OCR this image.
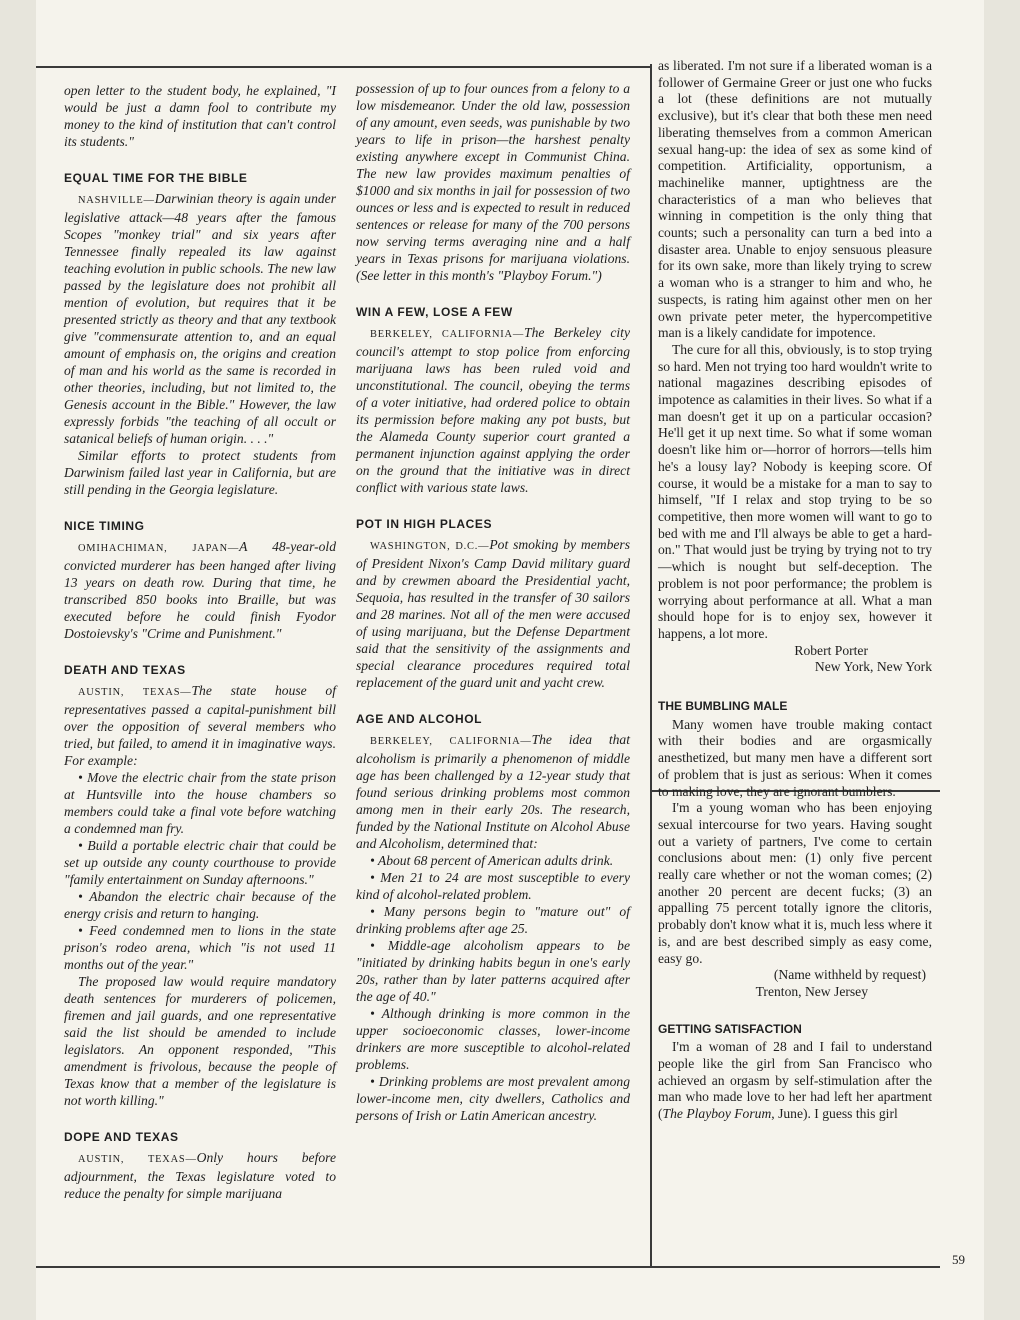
open letter to the student body, he explained, "I would be just a damn fool to contribute my money to the kind of institution that can't control its students."

EQUAL TIME FOR THE BIBLE

NASHVILLE—Darwinian theory is again under legislative attack—48 years after the famous Scopes "monkey trial" and six years after Tennessee finally repealed its law against teaching evolution in public schools. The new law passed by the legislature does not prohibit all mention of evolution, but requires that it be presented strictly as theory and that any textbook give "commensurate attention to, and an equal amount of emphasis on, the origins and creation of man and his world as the same is recorded in other theories, including, but not limited to, the Genesis account in the Bible." However, the law expressly forbids "the teaching of all occult or satanical beliefs of human origin. . . ."

Similar efforts to protect students from Darwinism failed last year in California, but are still pending in the Georgia legislature.

NICE TIMING

OMIHACHIMAN, JAPAN—A 48-year-old convicted murderer has been hanged after living 13 years on death row. During that time, he transcribed 850 books into Braille, but was executed before he could finish Fyodor Dostoievsky's "Crime and Punishment."

DEATH AND TEXAS

AUSTIN, TEXAS—The state house of representatives passed a capital-punishment bill over the opposition of several members who tried, but failed, to amend it in imaginative ways. For example:

• Move the electric chair from the state prison at Huntsville into the house chambers so members could take a final vote before watching a condemned man fry.

• Build a portable electric chair that could be set up outside any county courthouse to provide "family entertainment on Sunday afternoons."

• Abandon the electric chair because of the energy crisis and return to hanging.

• Feed condemned men to lions in the state prison's rodeo arena, which "is not used 11 months out of the year."

The proposed law would require mandatory death sentences for murderers of policemen, firemen and jail guards, and one representative said the list should be amended to include legislators. An opponent responded, "This amendment is frivolous, because the people of Texas know that a member of the legislature is not worth killing."

DOPE AND TEXAS

AUSTIN, TEXAS—Only hours before adjournment, the Texas legislature voted to reduce the penalty for simple marijuana

possession of up to four ounces from a felony to a low misdemeanor. Under the old law, possession of any amount, even seeds, was punishable by two years to life in prison—the harshest penalty existing anywhere except in Communist China. The new law provides maximum penalties of $1000 and six months in jail for possession of two ounces or less and is expected to result in reduced sentences or release for many of the 700 persons now serving terms averaging nine and a half years in Texas prisons for marijuana violations. (See letter in this month's "Playboy Forum.")

WIN A FEW, LOSE A FEW

BERKELEY, CALIFORNIA—The Berkeley city council's attempt to stop police from enforcing marijuana laws has been ruled void and unconstitutional. The council, obeying the terms of a voter initiative, had ordered police to obtain its permission before making any pot busts, but the Alameda County superior court granted a permanent injunction against applying the order on the ground that the initiative was in direct conflict with various state laws.

POT IN HIGH PLACES

WASHINGTON, D.C.—Pot smoking by members of President Nixon's Camp David military guard and by crewmen aboard the Presidential yacht, Sequoia, has resulted in the transfer of 30 sailors and 28 marines. Not all of the men were accused of using marijuana, but the Defense Department said that the sensitivity of the assignments and special clearance procedures required total replacement of the guard unit and yacht crew.

AGE AND ALCOHOL

BERKELEY, CALIFORNIA—The idea that alcoholism is primarily a phenomenon of middle age has been challenged by a 12-year study that found serious drinking problems most common among men in their early 20s. The research, funded by the National Institute on Alcohol Abuse and Alcoholism, determined that:

• About 68 percent of American adults drink.

• Men 21 to 24 are most susceptible to every kind of alcohol-related problem.

• Many persons begin to "mature out" of drinking problems after age 25.

• Middle-age alcoholism appears to be "initiated by drinking habits begun in one's early 20s, rather than by later patterns acquired after the age of 40."

• Although drinking is more common in the upper socioeconomic classes, lower-income drinkers are more susceptible to alcohol-related problems.

• Drinking problems are most prevalent among lower-income men, city dwellers, Catholics and persons of Irish or Latin American ancestry.

as liberated. I'm not sure if a liberated woman is a follower of Germaine Greer or just one who fucks a lot (these definitions are not mutually exclusive), but it's clear that both these men need liberating themselves from a common American sexual hang-up: the idea of sex as some kind of competition. Artificiality, opportunism, a machinelike manner, uptightness are the characteristics of a man who believes that winning in competition is the only thing that counts; such a personality can turn a bed into a disaster area. Unable to enjoy sensuous pleasure for its own sake, more than likely trying to screw a woman who is a stranger to him and who, he suspects, is rating him against other men on her own private peter meter, the hypercompetitive man is a likely candidate for impotence.

The cure for all this, obviously, is to stop trying so hard. Men not trying too hard wouldn't write to national magazines describing episodes of impotence as calamities in their lives. So what if a man doesn't get it up on a particular occasion? He'll get it up next time. So what if some woman doesn't like him or—horror of horrors—tells him he's a lousy lay? Nobody is keeping score. Of course, it would be a mistake for a man to say to himself, "If I relax and stop trying to be so competitive, then more women will want to go to bed with me and I'll always be able to get a hard-on." That would just be trying by trying not to try—which is nought but self-deception. The problem is not poor performance; the problem is worrying about performance at all. What a man should hope for is to enjoy sex, however it happens, a lot more.

Robert Porter

New York, New York

THE BUMBLING MALE

Many women have trouble making contact with their bodies and are orgasmically anesthetized, but many men have a different sort of problem that is just as serious: When it comes to making love, they are ignorant bumblers.

I'm a young woman who has been enjoying sexual intercourse for two years. Having sought out a variety of partners, I've come to certain conclusions about men: (1) only five percent really care whether or not the woman comes; (2) another 20 percent are decent fucks; (3) an appalling 75 percent totally ignore the clitoris, probably don't know what it is, much less where it is, and are best described simply as easy come, easy go.

(Name withheld by request)

Trenton, New Jersey

GETTING SATISFACTION

I'm a woman of 28 and I fail to understand people like the girl from San Francisco who achieved an orgasm by self-stimulation after the man who made love to her had left her apartment (The Playboy Forum, June). I guess this girl

59
